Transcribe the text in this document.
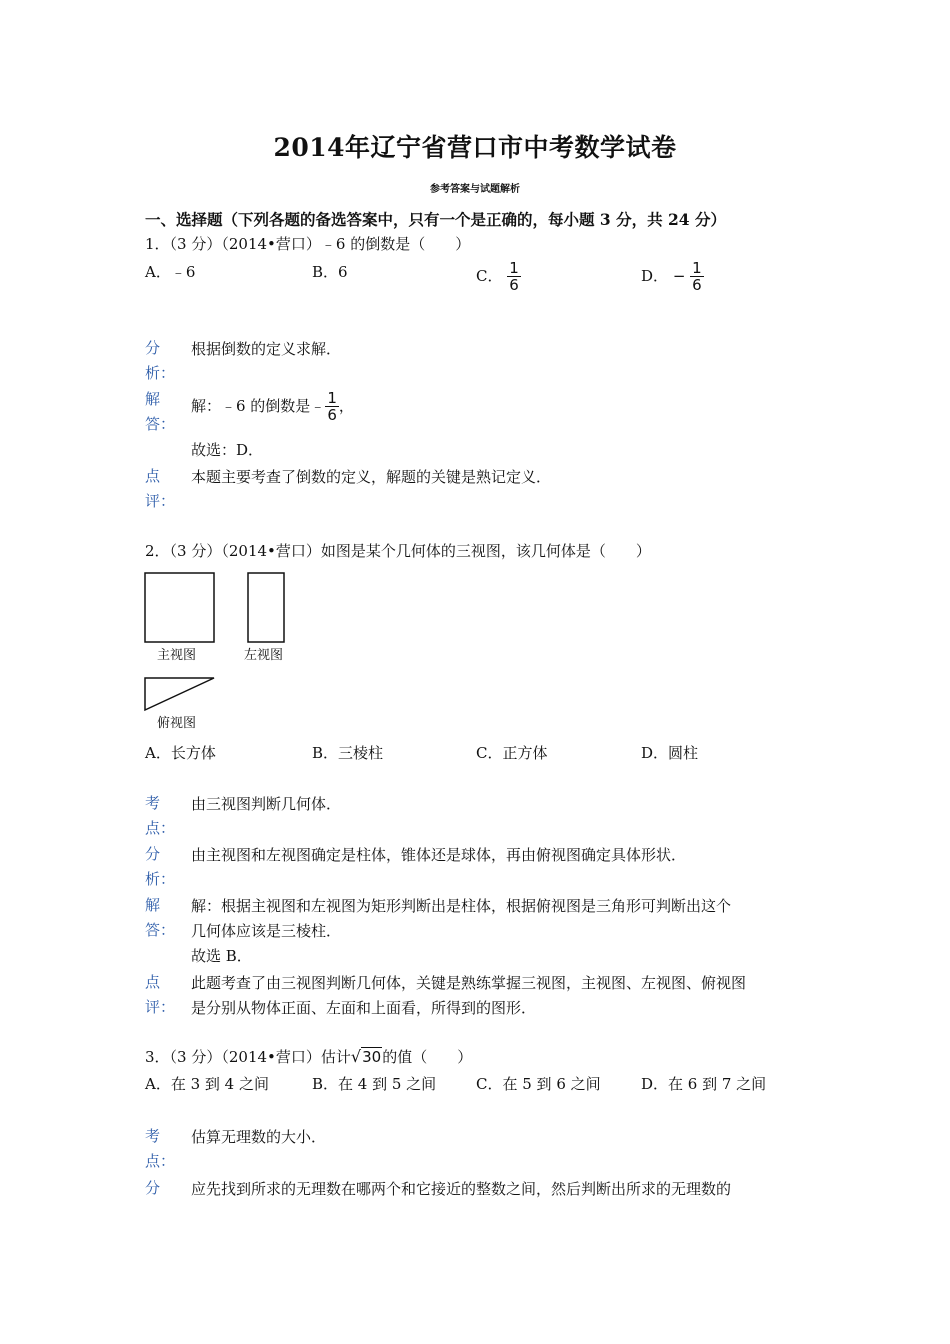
2014年辽宁省营口市中考数学试卷
参考答案与试题解析
一、选择题（下列各题的备选答案中，只有一个是正确的，每小题 3 分，共 24 分）
1．（3 分）（2014•营口）﹣6 的倒数是（　　）
A．﹣6	B．6	C． $\frac{1}{6}$	D． − $\frac{1}{6}$
分
析：
根据倒数的定义求解．
解
答：
解：﹣6 的倒数是﹣ $\frac{1}{6}$ ，
故选：D．
点
评：
本题主要考查了倒数的定义，解题的关键是熟记定义．
2．（3 分）（2014•营口）如图是某个几何体的三视图，该几何体是（　　）
主视图	左视图
俯视图
A．长方体	B．三棱柱	C．正方体	D．圆柱
考
点：
由三视图判断几何体．
分
析：
由主视图和左视图确定是柱体，锥体还是球体，再由俯视图确定具体形状．
解
答：
解：根据主视图和左视图为矩形判断出是柱体，根据俯视图是三角形可判断出这个
几何体应该是三棱柱．
故选 B．
点
评：
此题考查了由三视图判断几何体，关键是熟练掌握三视图，主视图、左视图、俯视图
是分别从物体正面、左面和上面看，所得到的图形．
3．（3 分）（2014•营口）估计√30的值（　　）
A．在 3 到 4 之间	B．在 4 到 5 之间	C．在 5 到 6 之间	D．在 6 到 7 之间
考
点：
估算无理数的大小．
分	应先找到所求的无理数在哪两个和它接近的整数之间，然后判断出所求的无理数的
